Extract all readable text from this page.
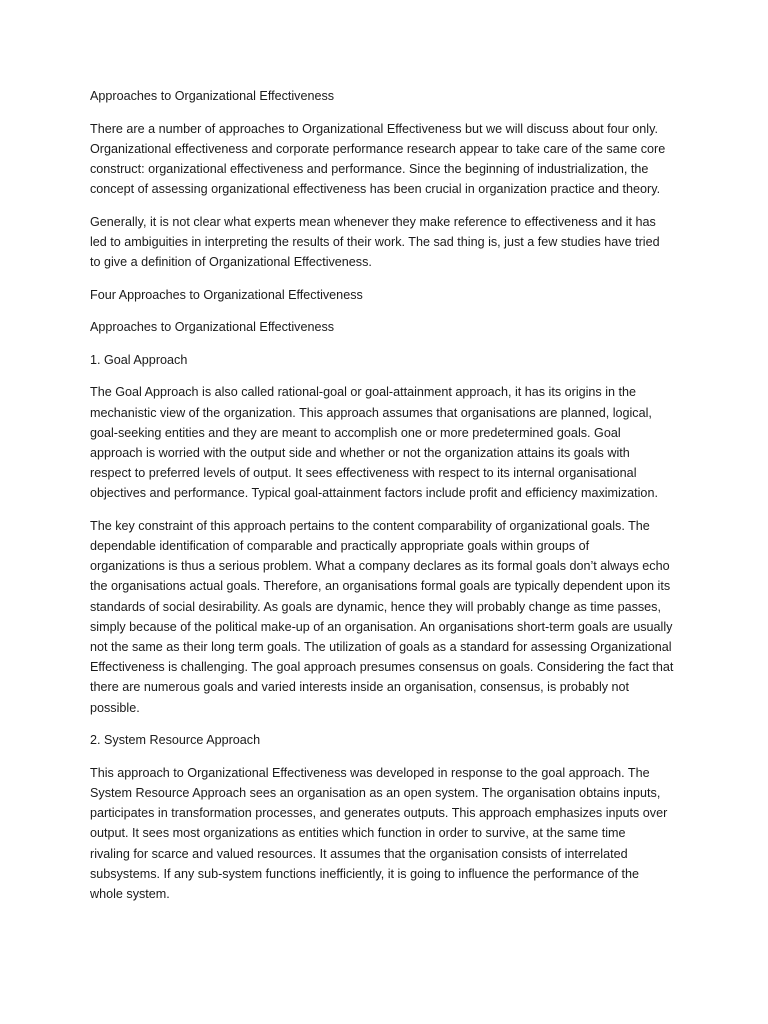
Approaches to Organizational Effectiveness
There are a number of approaches to Organizational Effectiveness but we will discuss about four only.
Organizational effectiveness and corporate performance research appear to take care of the same core
construct: organizational effectiveness and performance. Since the beginning of industrialization, the
concept of assessing organizational effectiveness has been crucial in organization practice and theory.
Generally, it is not clear what experts mean whenever they make reference to effectiveness and it has
led to ambiguities in interpreting the results of their work. The sad thing is, just a few studies have tried
to give a definition of Organizational Effectiveness.
Four Approaches to Organizational Effectiveness
Approaches to Organizational Effectiveness
1. Goal Approach
The Goal Approach is also called rational-goal or goal-attainment approach, it has its origins in the
mechanistic view of the organization. This approach assumes that organisations are planned, logical,
goal-seeking entities and they are meant to accomplish one or more predetermined goals. Goal
approach is worried with the output side and whether or not the organization attains its goals with
respect to preferred levels of output. It sees effectiveness with respect to its internal organisational
objectives and performance. Typical goal-attainment factors include profit and efficiency maximization.
The key constraint of this approach pertains to the content comparability of organizational goals. The
dependable identification of comparable and practically appropriate goals within groups of
organizations is thus a serious problem. What a company declares as its formal goals don’t always echo
the organisations actual goals. Therefore, an organisations formal goals are typically dependent upon its
standards of social desirability. As goals are dynamic, hence they will probably change as time passes,
simply because of the political make-up of an organisation. An organisations short-term goals are usually
not the same as their long term goals. The utilization of goals as a standard for assessing Organizational
Effectiveness is challenging. The goal approach presumes consensus on goals. Considering the fact that
there are numerous goals and varied interests inside an organisation, consensus, is probably not
possible.
2. System Resource Approach
This approach to Organizational Effectiveness was developed in response to the goal approach. The
System Resource Approach sees an organisation as an open system. The organisation obtains inputs,
participates in transformation processes, and generates outputs. This approach emphasizes inputs over
output. It sees most organizations as entities which function in order to survive, at the same time
rivaling for scarce and valued resources. It assumes that the organisation consists of interrelated
subsystems. If any sub-system functions inefficiently, it is going to influence the performance of the
whole system.
